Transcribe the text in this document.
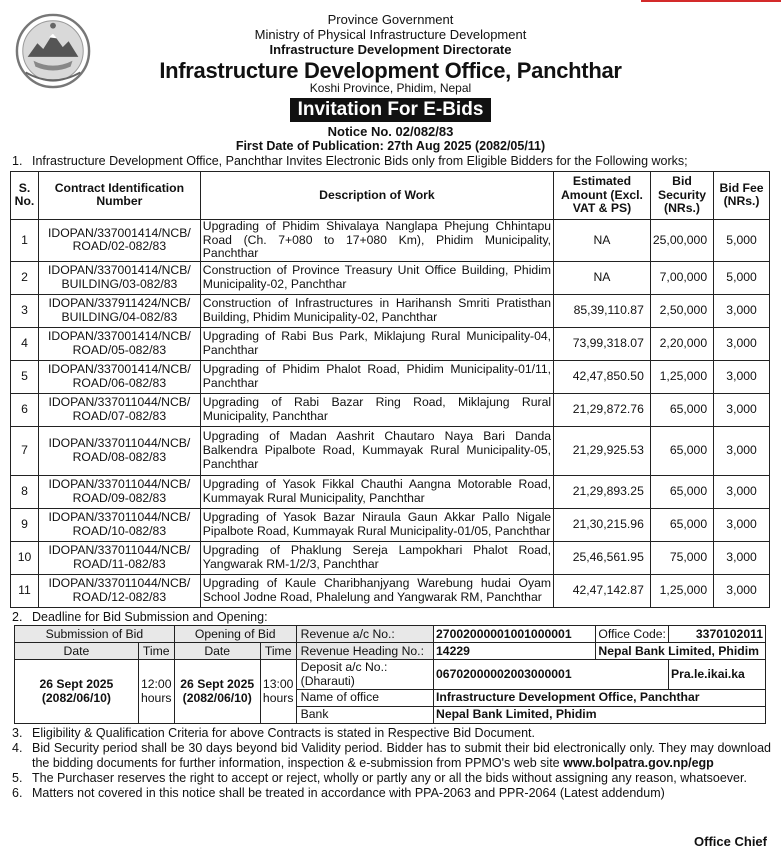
Province Government
Ministry of Physical Infrastructure Development
Infrastructure Development Directorate
Infrastructure Development Office, Panchthar
Koshi Province, Phidim, Nepal
Invitation For E-Bids
Notice No. 02/082/83
First Date of Publication: 27th Aug 2025 (2082/05/11)
1. Infrastructure Development Office, Panchthar Invites Electronic Bids only from Eligible Bidders for the Following works;
S. No.	Contract Identification Number	Description of Work	Estimated Amount (Excl. VAT & PS)	Bid Security (NRs.)	Bid Fee (NRs.)
1	IDOPAN/337001414/NCB/ ROAD/02-082/83	Upgrading of Phidim Shivalaya Nanglapa Phejung Chhintapu Road (Ch. 7+080 to 17+080 Km), Phidim Municipality, Panchthar	NA	25,00,000	5,000
2	IDOPAN/337001414/NCB/ BUILDING/03-082/83	Construction of Province Treasury Unit Office Building, Phidim Municipality-02, Panchthar	NA	7,00,000	5,000
3	IDOPAN/337911424/NCB/ BUILDING/04-082/83	Construction of Infrastructures in Harihansh Smriti Pratisthan Building, Phidim Municipality-02, Panchthar	85,39,110.87	2,50,000	3,000
4	IDOPAN/337001414/NCB/ ROAD/05-082/83	Upgrading of Rabi Bus Park, Miklajung Rural Municipality-04, Panchthar	73,99,318.07	2,20,000	3,000
5	IDOPAN/337001414/NCB/ ROAD/06-082/83	Upgrading of Phidim Phalot Road, Phidim Municipality-01/11, Panchthar	42,47,850.50	1,25,000	3,000
6	IDOPAN/337011044/NCB/ ROAD/07-082/83	Upgrading of Rabi Bazar Ring Road, Miklajung Rural Municipality, Panchthar	21,29,872.76	65,000	3,000
7	IDOPAN/337011044/NCB/ ROAD/08-082/83	Upgrading of Madan Aashrit Chautaro Naya Bari Danda Balkendra Pipalbote Road, Kummayak Rural Municipality-05, Panchthar	21,29,925.53	65,000	3,000
8	IDOPAN/337011044/NCB/ ROAD/09-082/83	Upgrading of Yasok Fikkal Chauthi Aangna Motorable Road, Kummayak Rural Municipality, Panchthar	21,29,893.25	65,000	3,000
9	IDOPAN/337011044/NCB/ ROAD/10-082/83	Upgrading of Yasok Bazar Niraula Gaun Akkar Pallo Nigale Pipalbote Road, Kummayak Rural Municipality-01/05, Panchthar	21,30,215.96	65,000	3,000
10	IDOPAN/337011044/NCB/ ROAD/11-082/83	Upgrading of Phaklung Sereja Lampokhari Phalot Road, Yangwarak RM-1/2/3, Panchthar	25,46,561.95	75,000	3,000
11	IDOPAN/337011044/NCB/ ROAD/12-082/83	Upgrading of Kaule Charibhanjyang Warebung hudai Oyam School Jodne Road, Phalelung and Yangwarak RM, Panchthar	42,47,142.87	1,25,000	3,000
2. Deadline for Bid Submission and Opening:
Submission of Bid		Opening of Bid		Revenue a/c No.:	27002000001001000001	Office Code:	3370102011
Date	Time	Date	Time	Revenue Heading No.:	14229	Nepal Bank Limited, Phidim	
26 Sept 2025 (2082/06/10)	12:00 hours	26 Sept 2025 (2082/06/10)	13:00 hours	Deposit a/c No.: (Dharauti)	06702000002003000001		Pra.le.ikai.ka
				Name of office	Infrastructure Development Office, Panchthar		
				Bank	Nepal Bank Limited, Phidim		
3. Eligibility & Qualification Criteria for above Contracts is stated in Respective Bid Document.
4. Bid Security period shall be 30 days beyond bid Validity period. Bidder has to submit their bid electronically only. They may download the bidding documents for further information, inspection & e-submission from PPMO's web site www.bolpatra.gov.np/egp
5. The Purchaser reserves the right to accept or reject, wholly or partly any or all the bids without assigning any reason, whatsoever.
6. Matters not covered in this notice shall be treated in accordance with PPA-2063 and PPR-2064 (Latest addendum)
Office Chief
